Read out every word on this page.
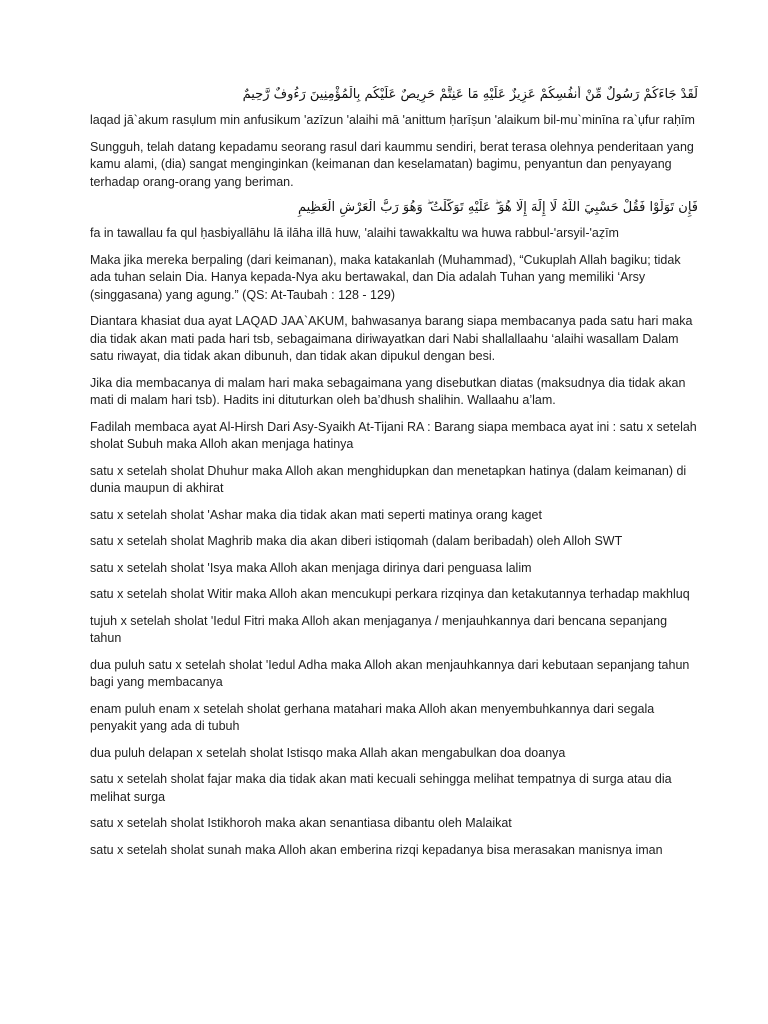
لَقَدْ جَاءَكُمْ رَسُولٌ مِّنْ أَنفُسِكُمْ عَزِيزٌ عَلَيْهِ مَا عَنِتُّمْ حَرِيصٌ عَلَيْكُم بِالْمُؤْمِنِينَ رَءُوفٌ رَّحِيمٌ

laqad jā`akum rasụlum min anfusikum 'azīzun 'alaihi mā 'anittum ḥarīṣun 'alaikum bil-mu`minīna ra`ụfur raḥīm

Sungguh, telah datang kepadamu seorang rasul dari kaummu sendiri, berat terasa olehnya penderitaan yang kamu alami, (dia) sangat menginginkan (keimanan dan keselamatan) bagimu, penyantun dan penyayang terhadap orang-orang yang beriman.

فَإِن تَوَلَّوْا فَقُلْ حَسْبِيَ اللَّهُ لَا إِلَٰهَ إِلَّا هُوَ ۖ عَلَيْهِ تَوَكَّلْتُ ۖ وَهُوَ رَبُّ الْعَرْشِ الْعَظِيمِ

fa in tawallau fa qul ḥasbiyallāhu lā ilāha illā huw, 'alaihi tawakkaltu wa huwa rabbul-'arsyil-'aẓīm

Maka jika mereka berpaling (dari keimanan), maka katakanlah (Muhammad), “Cukuplah Allah bagiku; tidak ada tuhan selain Dia. Hanya kepada-Nya aku bertawakal, dan Dia adalah Tuhan yang memiliki ‘Arsy (singgasana) yang agung.” (QS: At-Taubah : 128 - 129)

Diantara khasiat dua ayat LAQAD JAA`AKUM, bahwasanya barang siapa membacanya pada satu hari maka dia tidak akan mati pada hari tsb, sebagaimana diriwayatkan dari Nabi shallallaahu ‘alaihi wasallam Dalam satu riwayat, dia tidak akan dibunuh, dan tidak akan dipukul dengan besi.

Jika dia membacanya di malam hari maka sebagaimana yang disebutkan diatas (maksudnya dia tidak akan mati di malam hari tsb). Hadits ini dituturkan oleh ba’dhush shalihin. Wallaahu a’lam.

Fadilah membaca ayat Al-Hirsh Dari Asy-Syaikh At-Tijani RA : Barang siapa membaca ayat ini : satu x setelah sholat Subuh maka Alloh akan menjaga hatinya

satu x setelah sholat Dhuhur maka Alloh akan menghidupkan dan menetapkan hatinya (dalam keimanan) di dunia maupun di akhirat

satu x setelah sholat 'Ashar maka dia tidak akan mati seperti matinya orang kaget

satu x setelah sholat Maghrib maka dia akan diberi istiqomah (dalam beribadah) oleh Alloh SWT

satu x setelah sholat 'Isya maka Alloh akan menjaga dirinya dari penguasa lalim

satu x setelah sholat Witir maka Alloh akan mencukupi perkara rizqinya dan ketakutannya terhadap makhluq

tujuh x setelah sholat 'Iedul Fitri maka Alloh akan menjaganya / menjauhkannya dari bencana sepanjang tahun

dua puluh satu x setelah sholat 'Iedul Adha maka Alloh akan menjauhkannya dari kebutaan sepanjang tahun bagi yang membacanya

enam puluh enam x setelah sholat gerhana matahari maka Alloh akan menyembuhkannya dari segala penyakit yang ada di tubuh

dua puluh delapan x setelah sholat Istisqo maka Allah akan mengabulkan doa doanya

satu x setelah sholat fajar maka dia tidak akan mati kecuali sehingga melihat tempatnya di surga atau dia melihat surga

satu x setelah sholat Istikhoroh maka akan senantiasa dibantu oleh Malaikat

satu x setelah sholat sunah maka Alloh akan emberina rizqi kepadanya bisa merasakan manisnya iman
